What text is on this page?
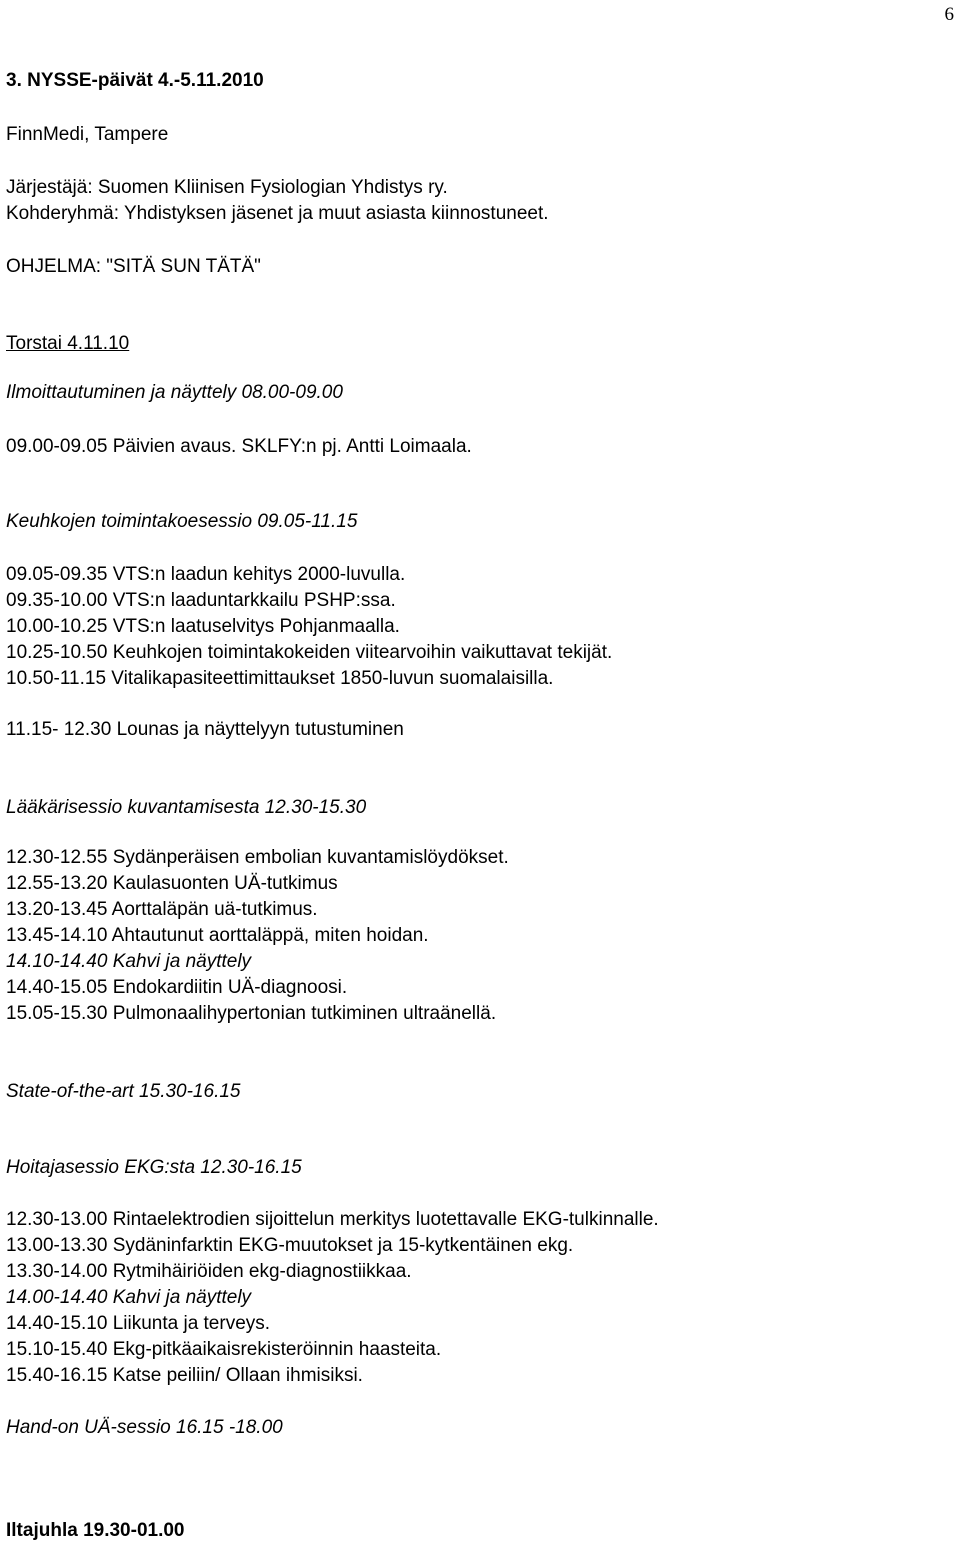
6
3. NYSSE-päivät 4.-5.11.2010
FinnMedi, Tampere
Järjestäjä: Suomen Kliinisen Fysiologian Yhdistys ry.
Kohderyhmä: Yhdistyksen jäsenet ja muut asiasta kiinnostuneet.
OHJELMA: "SITÄ SUN TÄTÄ"
Torstai 4.11.10
Ilmoittautuminen ja näyttely 08.00-09.00
09.00-09.05 Päivien avaus. SKLFY:n pj. Antti Loimaala.
Keuhkojen toimintakoesessio 09.05-11.15
09.05-09.35 VTS:n laadun kehitys 2000-luvulla.
09.35-10.00 VTS:n laaduntarkkailu PSHP:ssa.
10.00-10.25 VTS:n laatuselvitys Pohjanmaalla.
10.25-10.50 Keuhkojen toimintakokeiden viitearvoihin vaikuttavat tekijät.
10.50-11.15 Vitalikapasiteettimittaukset 1850-luvun suomalaisilla.
11.15- 12.30 Lounas ja näyttelyyn tutustuminen
Lääkärisessio kuvantamisesta 12.30-15.30
12.30-12.55 Sydänperäisen embolian kuvantamislöydökset.
12.55-13.20 Kaulasuonten UÄ-tutkimus
13.20-13.45 Aorttaläpän uä-tutkimus.
13.45-14.10 Ahtautunut aorttaläppä, miten hoidan.
14.10-14.40 Kahvi ja näyttely
14.40-15.05 Endokardiitin UÄ-diagnoosi.
15.05-15.30 Pulmonaalihypertonian tutkiminen ultraänellä.
State-of-the-art 15.30-16.15
Hoitajasessio EKG:sta 12.30-16.15
12.30-13.00 Rintaelektrodien sijoittelun merkitys luotettavalle EKG-tulkinnalle.
13.00-13.30 Sydäninfarktin EKG-muutokset ja 15-kytkentäinen ekg.
13.30-14.00 Rytmihäiriöiden ekg-diagnostiikkaa.
14.00-14.40 Kahvi ja näyttely
14.40-15.10 Liikunta ja terveys.
15.10-15.40 Ekg-pitkäaikaisrekisteröinnin haasteita.
15.40-16.15 Katse peiliin/ Ollaan ihmisiksi.
Hand-on UÄ-sessio 16.15 -18.00
Iltajuhla 19.30-01.00
